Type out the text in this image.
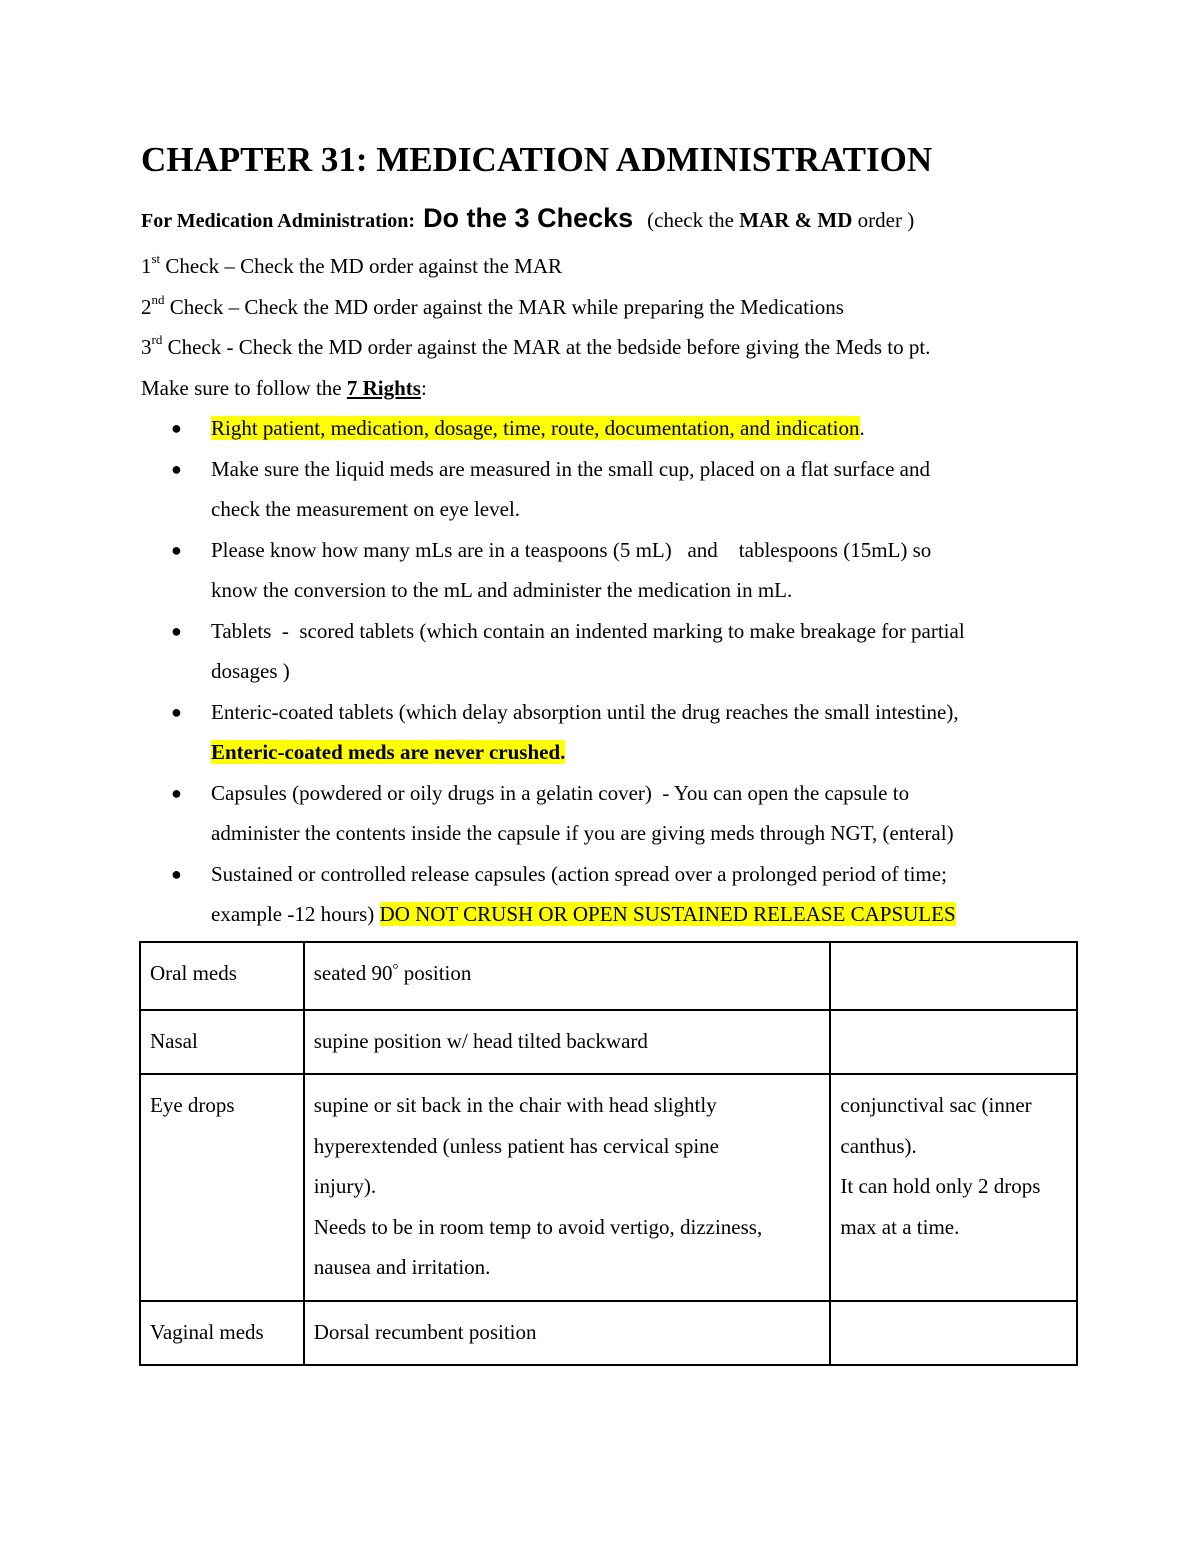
CHAPTER 31: MEDICATION ADMINISTRATION
For Medication Administration: Do the 3 Checks (check the MAR & MD order )
1st Check – Check the MD order against the MAR
2nd Check – Check the MD order against the MAR while preparing the Medications
3rd Check - Check the MD order against the MAR at the bedside before giving the Meds to pt.
Make sure to follow the 7 Rights:
● Right patient, medication, dosage, time, route, documentation, and indication.
● Make sure the liquid meds are measured in the small cup, placed on a flat surface and
check the measurement on eye level.
● Please know how many mLs are in a teaspoons (5 mL)   and    tablespoons (15mL) so
know the conversion to the mL and administer the medication in mL.
● Tablets  -  scored tablets (which contain an indented marking to make breakage for partial
dosages )
● Enteric-coated tablets (which delay absorption until the drug reaches the small intestine),
Enteric-coated meds are never crushed.
● Capsules (powdered or oily drugs in a gelatin cover)  - You can open the capsule to
administer the contents inside the capsule if you are giving meds through NGT, (enteral)
● Sustained or controlled release capsules (action spread over a prolonged period of time;
example -12 hours) DO NOT CRUSH OR OPEN SUSTAINED RELEASE CAPSULES
Oral meds	seated 90° position	
Nasal	supine position w/ head tilted backward	
Eye drops	supine or sit back in the chair with head slightly
hyperextended (unless patient has cervical spine
injury).
Needs to be in room temp to avoid vertigo, dizziness,
nausea and irritation.	conjunctival sac (inner
canthus).
It can hold only 2 drops
max at a time.
Vaginal meds	Dorsal recumbent position	
